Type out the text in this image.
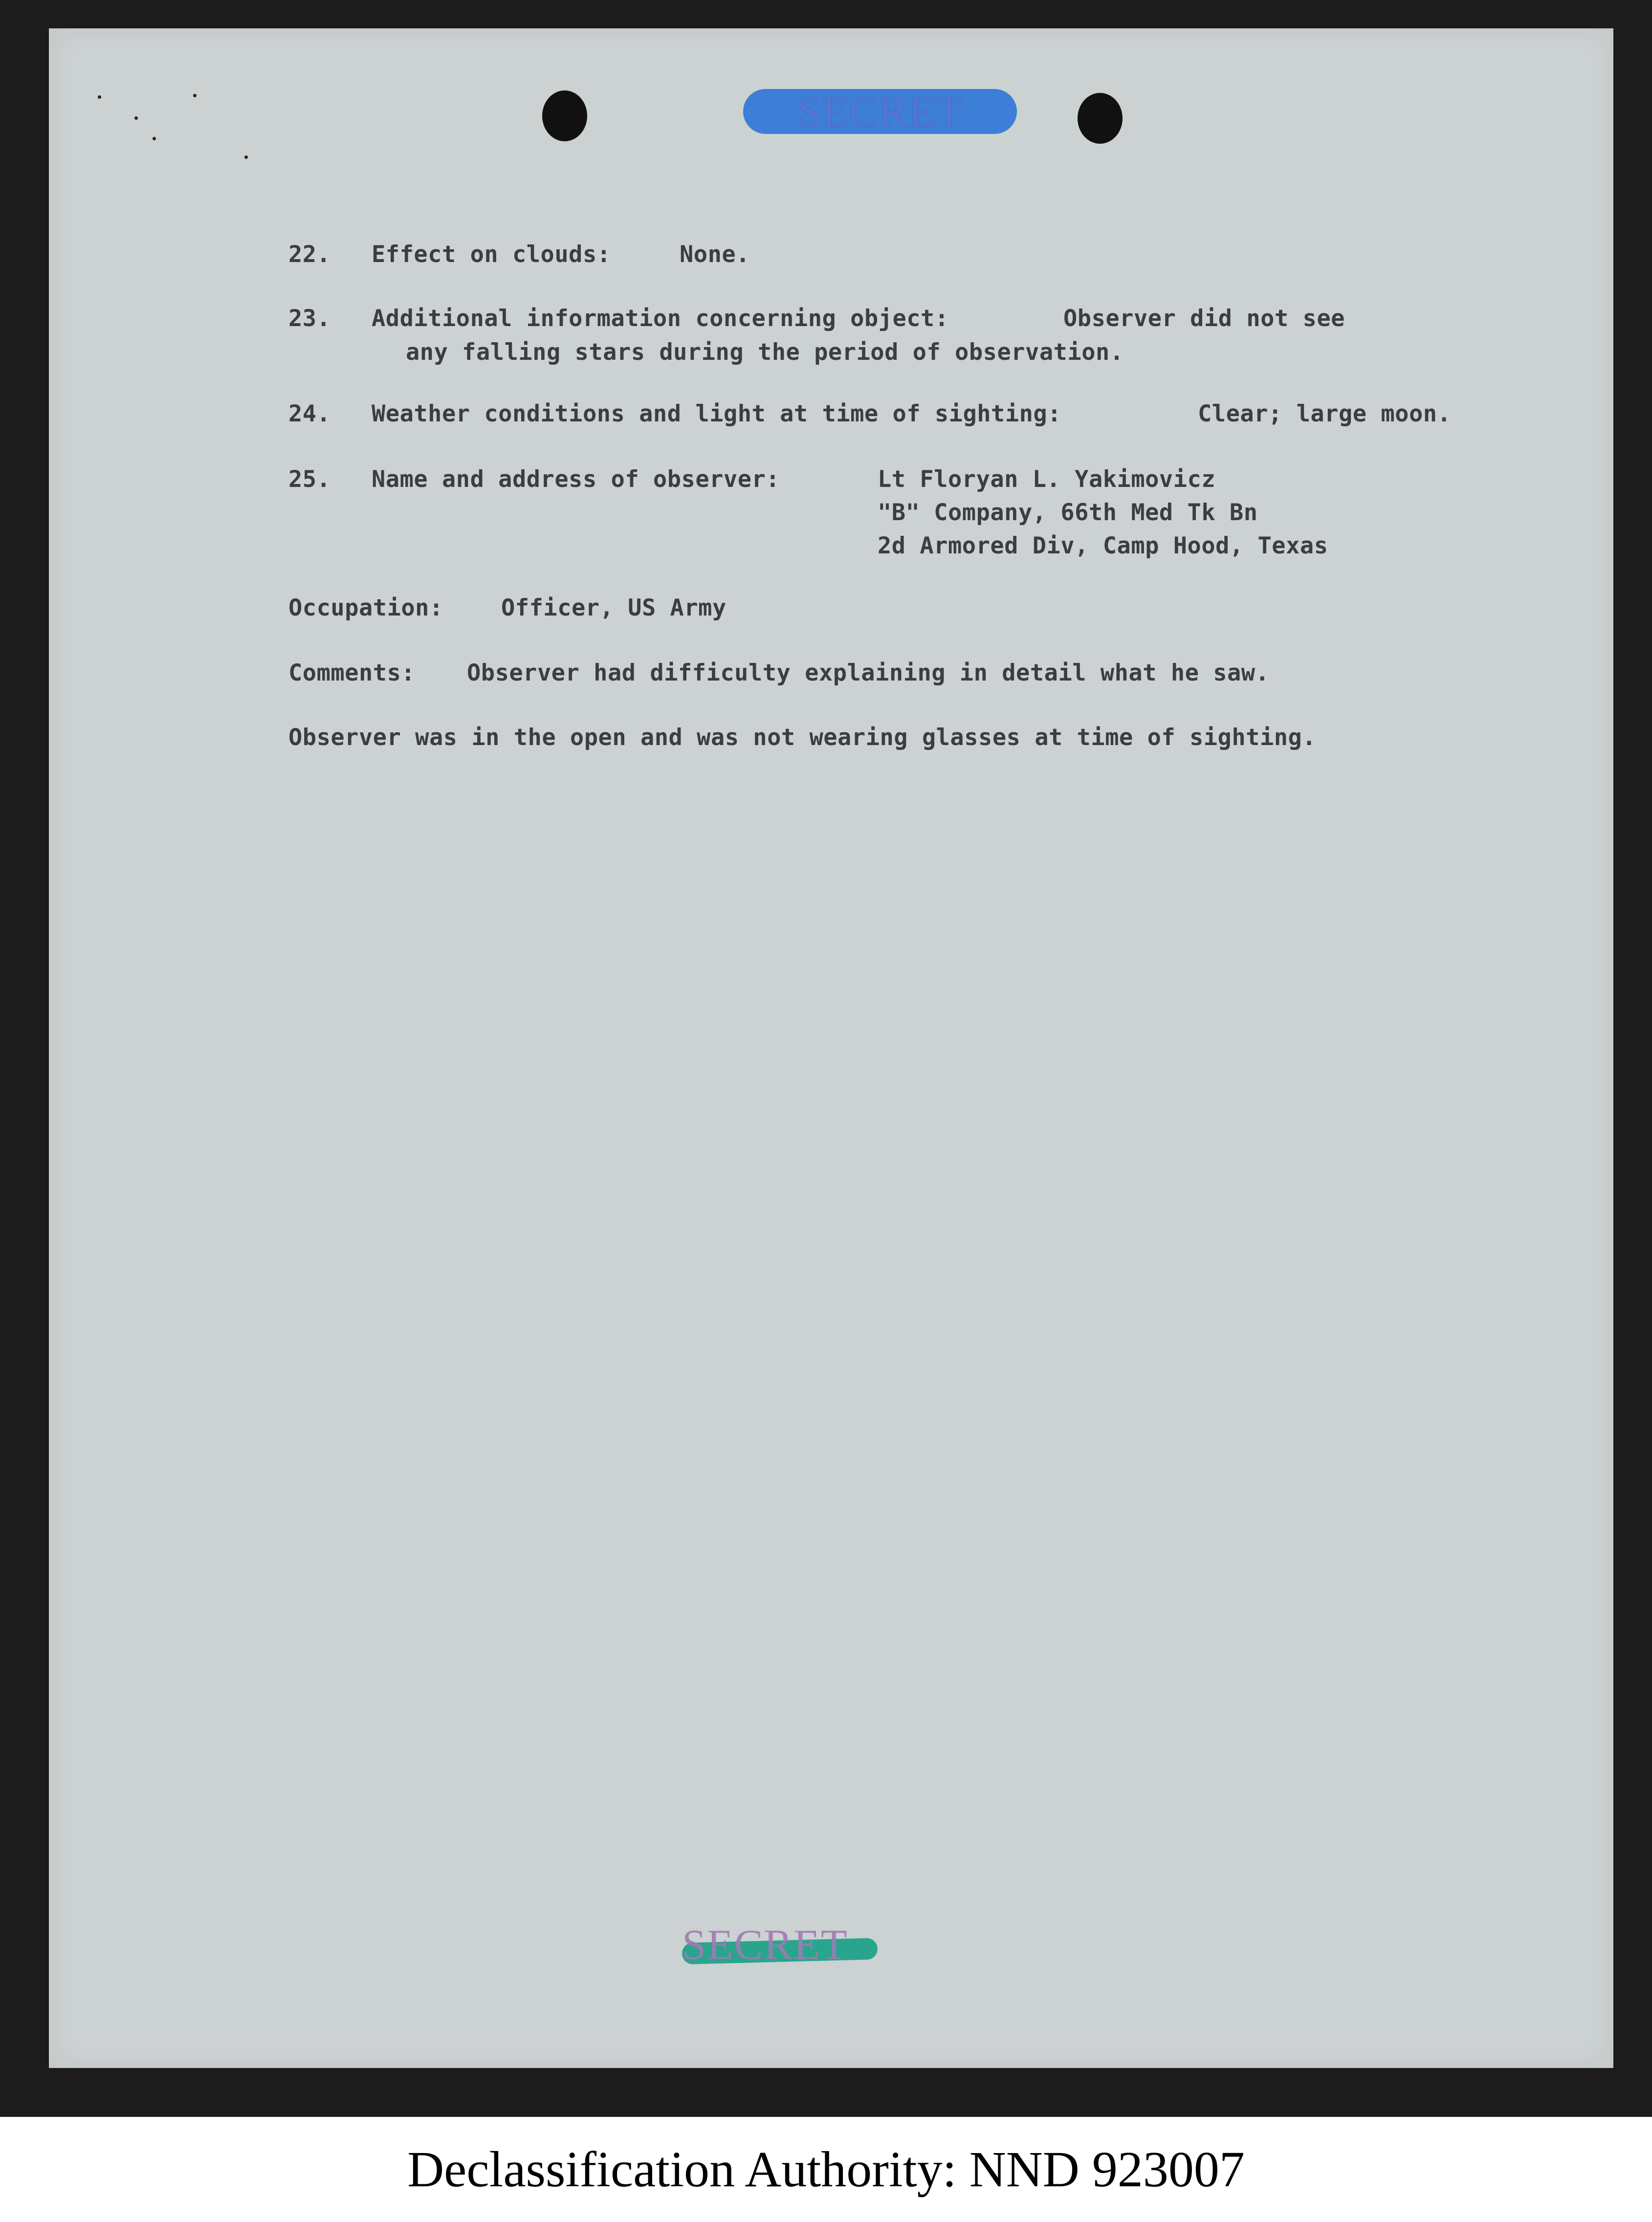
SECRET
SECRET
22. Effect on clouds:	None.
23. Additional information concerning object:	Observer did not see
any falling stars during the period of observation.
24. Weather conditions and light at time of sighting:	Clear; large moon.
25. Name and address of observer:	Lt Floryan L. Yakimovicz
"B" Company, 66th Med Tk Bn
2d Armored Div, Camp Hood, Texas
Occupation:	Officer, US Army
Comments: Observer had difficulty explaining in detail what he saw.
Observer was in the open and was not wearing glasses at time of sighting.
Declassification Authority: NND 923007
